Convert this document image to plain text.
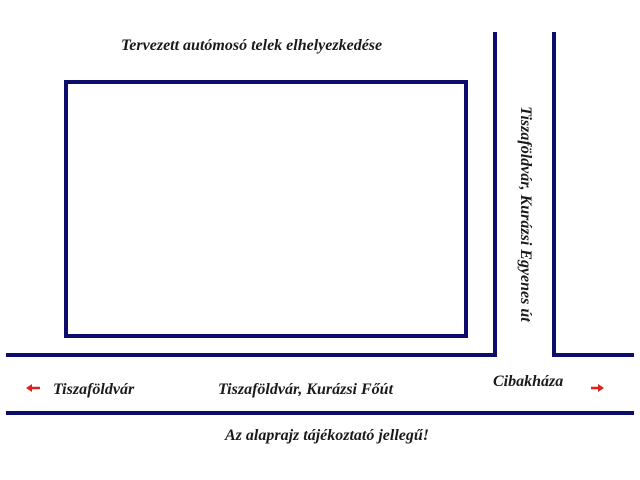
Tervezett autómosó telek elhelyezkedése
Tiszaföldvár, Kurázsi Egyenes út
Tiszaföldvár	Tiszaföldvár, Kurázsi Főút	Cibakháza
Az alaprajz tájékoztató jellegű!
